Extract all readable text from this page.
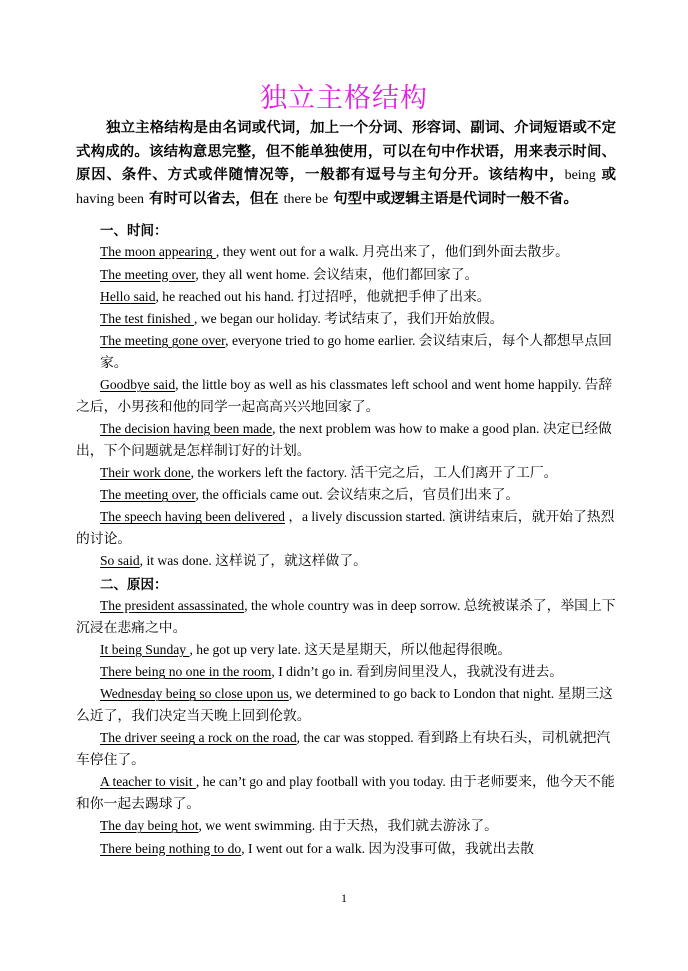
独立主格结构

独立主格结构是由名词或代词，加上一个分词、形容词、副词、介词短语或不定式构成的。该结构意思完整，但不能单独使用，可以在句中作状语，用来表示时间、原因、条件、方式或伴随情况等，一般都有逗号与主句分开。该结构中，being 或 having been 有时可以省去，但在 there be 句型中或逻辑主语是代词时一般不省。

一、时间：

The moon appearing , they went out for a walk. 月亮出来了，他们到外面去散步。

The meeting over, they all went home. 会议结束，他们都回家了。

Hello said, he reached out his hand. 打过招呼，他就把手伸了出来。

The test finished , we began our holiday. 考试结束了，我们开始放假。

The meeting gone over, everyone tried to go home earlier. 会议结束后，每个人都想早点回家。

Goodbye said, the little boy as well as his classmates left school and went home happily. 告辞之后，小男孩和他的同学一起高高兴兴地回家了。

The decision having been made, the next problem was how to make a good plan. 决定已经做出，下个问题就是怎样制订好的计划。

Their work done, the workers left the factory. 活干完之后，工人们离开了工厂。

The meeting over, the officials came out. 会议结束之后，官员们出来了。

The speech having been delivered ，a lively discussion started. 演讲结束后，就开始了热烈的讨论。

So said, it was done. 这样说了，就这样做了。

二、原因：

The president assassinated, the whole country was in deep sorrow. 总统被谋杀了，举国上下沉浸在悲痛之中。

It being Sunday , he got up very late. 这天是星期天，所以他起得很晚。

There being no one in the room, I didn’t go in. 看到房间里没人，我就没有进去。

Wednesday being so close upon us, we determined to go back to London that night. 星期三这么近了，我们决定当天晚上回到伦敦。

The driver seeing a rock on the road, the car was stopped. 看到路上有块石头，司机就把汽车停住了。

A teacher to visit , he can’t go and play football with you today. 由于老师要来，他今天不能和你一起去踢球了。

The day being hot, we went swimming. 由于天热，我们就去游泳了。

There being nothing to do, I went out for a walk. 因为没事可做，我就出去散

1
